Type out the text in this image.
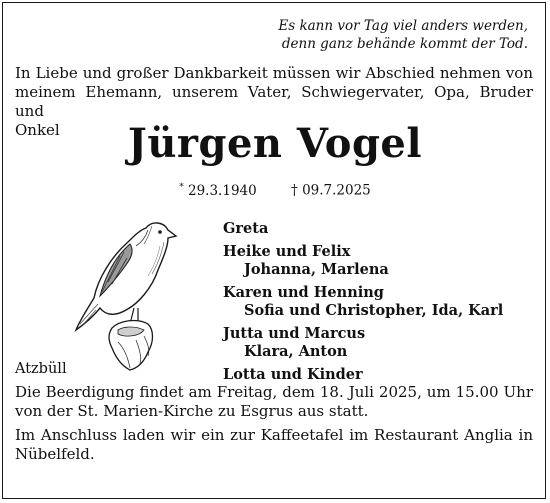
Es kann vor Tag viel anders werden,
denn ganz behände kommt der Tod.
In Liebe und großer Dankbarkeit müssen wir Abschied nehmen von
meinem Ehemann, unserem Vater, Schwiegervater, Opa, Bruder und
Onkel	Jürgen Vogel
* 29.3.1940	† 09.7.2025
Greta
Heike und Felix
Johanna, Marlena
Karen und Henning
Sofia und Christopher, Ida, Karl
Jutta und Marcus
Klara, Anton
Lotta und Kinder
Atzbüll
Die Beerdigung findet am Freitag, dem 18. Juli 2025, um 15.00 Uhr
von der St. Marien-Kirche zu Esgrus aus statt.
Im Anschluss laden wir ein zur Kaffeetafel im Restaurant Anglia in
Nübelfeld.
